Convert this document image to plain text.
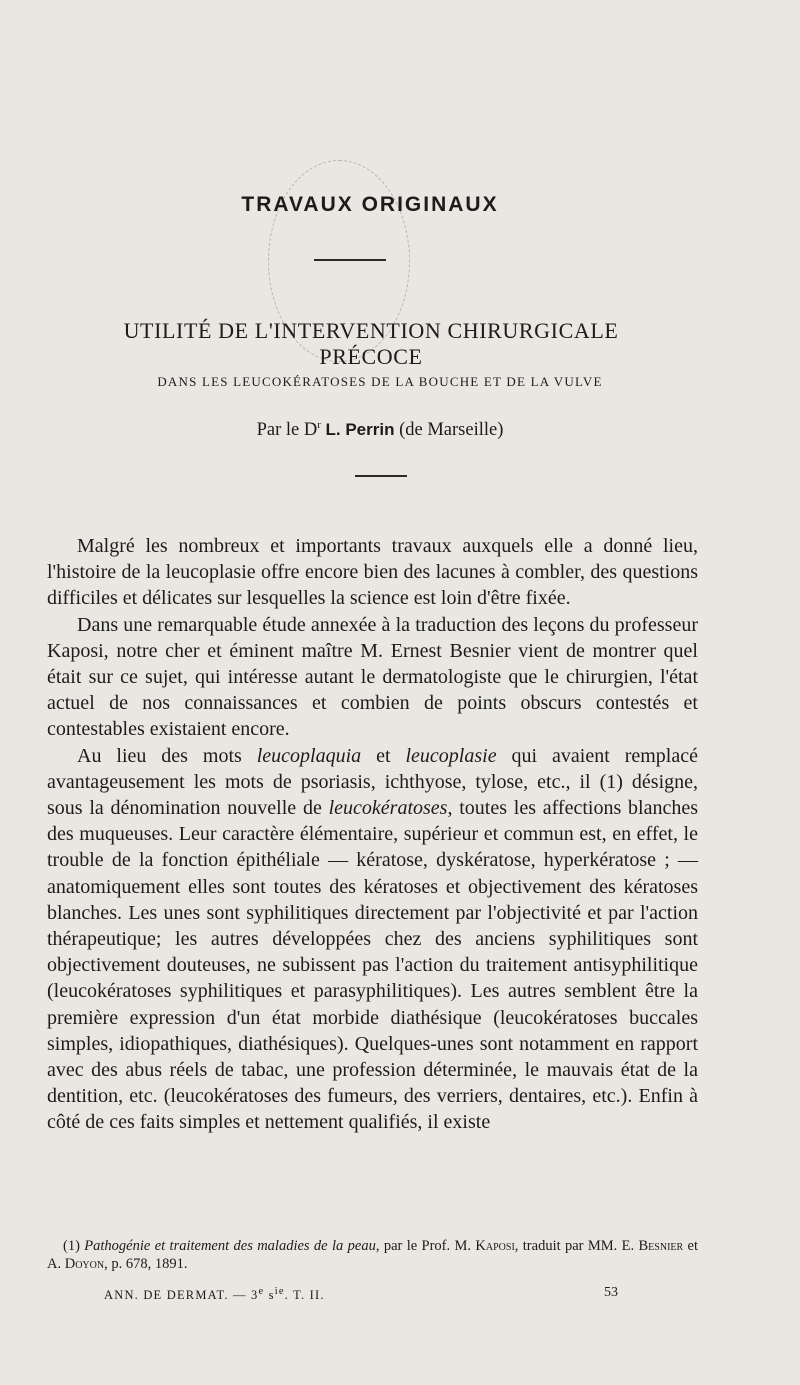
TRAVAUX ORIGINAUX
UTILITÉ DE L'INTERVENTION CHIRURGICALE PRÉCOCE
DANS LES LEUCOKÉRATOSES DE LA BOUCHE ET DE LA VULVE
Par le $D^r$ L. Perrin (de Marseille)

Malgré les nombreux et importants travaux auxquels elle a donné lieu, l'histoire de la leucoplasie offre encore bien des lacunes à combler, des questions difficiles et délicates sur lesquelles la science est loin d'être fixée.

Dans une remarquable étude annexée à la traduction des leçons du professeur Kaposi, notre cher et éminent maître M. Ernest Besnier vient de montrer quel était sur ce sujet, qui intéresse autant le dermatologiste que le chirurgien, l'état actuel de nos connaissances et combien de points obscurs contestés et contestables existaient encore.

Au lieu des mots leucoplaquia et leucoplasie qui avaient remplacé avantageusement les mots de psoriasis, ichthyose, tylose, etc., il (1) désigne, sous la dénomination nouvelle de leucokératoses, toutes les affections blanches des muqueuses. Leur caractère élémentaire, supérieur et commun est, en effet, le trouble de la fonction épithéliale — kératose, dyskératose, hyperkératose ; — anatomiquement elles sont toutes des kératoses et objectivement des kératoses blanches. Les unes sont syphilitiques directement par l'objectivité et par l'action thérapeutique; les autres développées chez des anciens syphilitiques sont objectivement douteuses, ne subissent pas l'action du traitement antisyphilitique (leucokératoses syphilitiques et parasyphilitiques). Les autres semblent être la première expression d'un état morbide diathésique (leucokératoses buccales simples, idiopathiques, diathésiques). Quelques-unes sont notamment en rapport avec des abus réels de tabac, une profession déterminée, le mauvais état de la dentition, etc. (leucokératoses des fumeurs, des verriers, dentaires, etc.). Enfin à côté de ces faits simples et nettement qualifiés, il existe

(1) Pathogénie et traitement des maladies de la peau, par le Prof. M. Kaposi, traduit par MM. E. Besnier et A. Doyon, p. 678, 1891.

ANN. DE DERMAT. — 3e $s^{ie}$. T. II.	53
